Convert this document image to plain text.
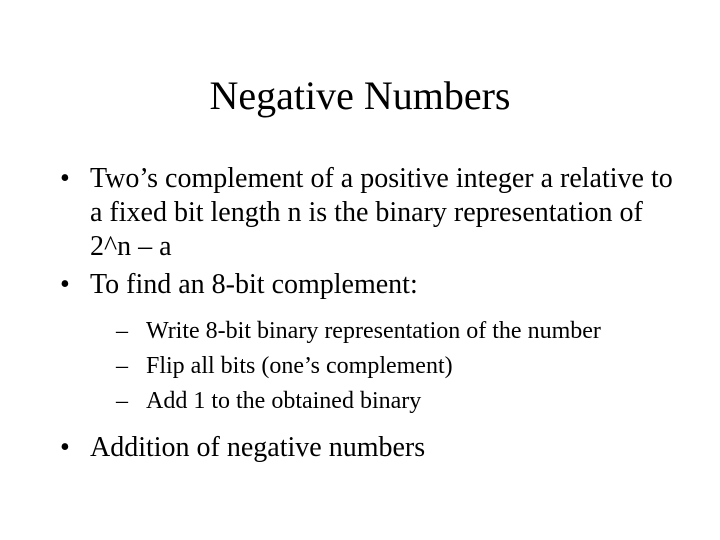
Negative Numbers

• Two’s complement of a positive integer a relative to a fixed bit length n is the binary representation of 2^n – a

• To find an 8-bit complement:

– Write 8-bit binary representation of the number

– Flip all bits (one’s complement)

– Add 1 to the obtained binary

• Addition of negative numbers
